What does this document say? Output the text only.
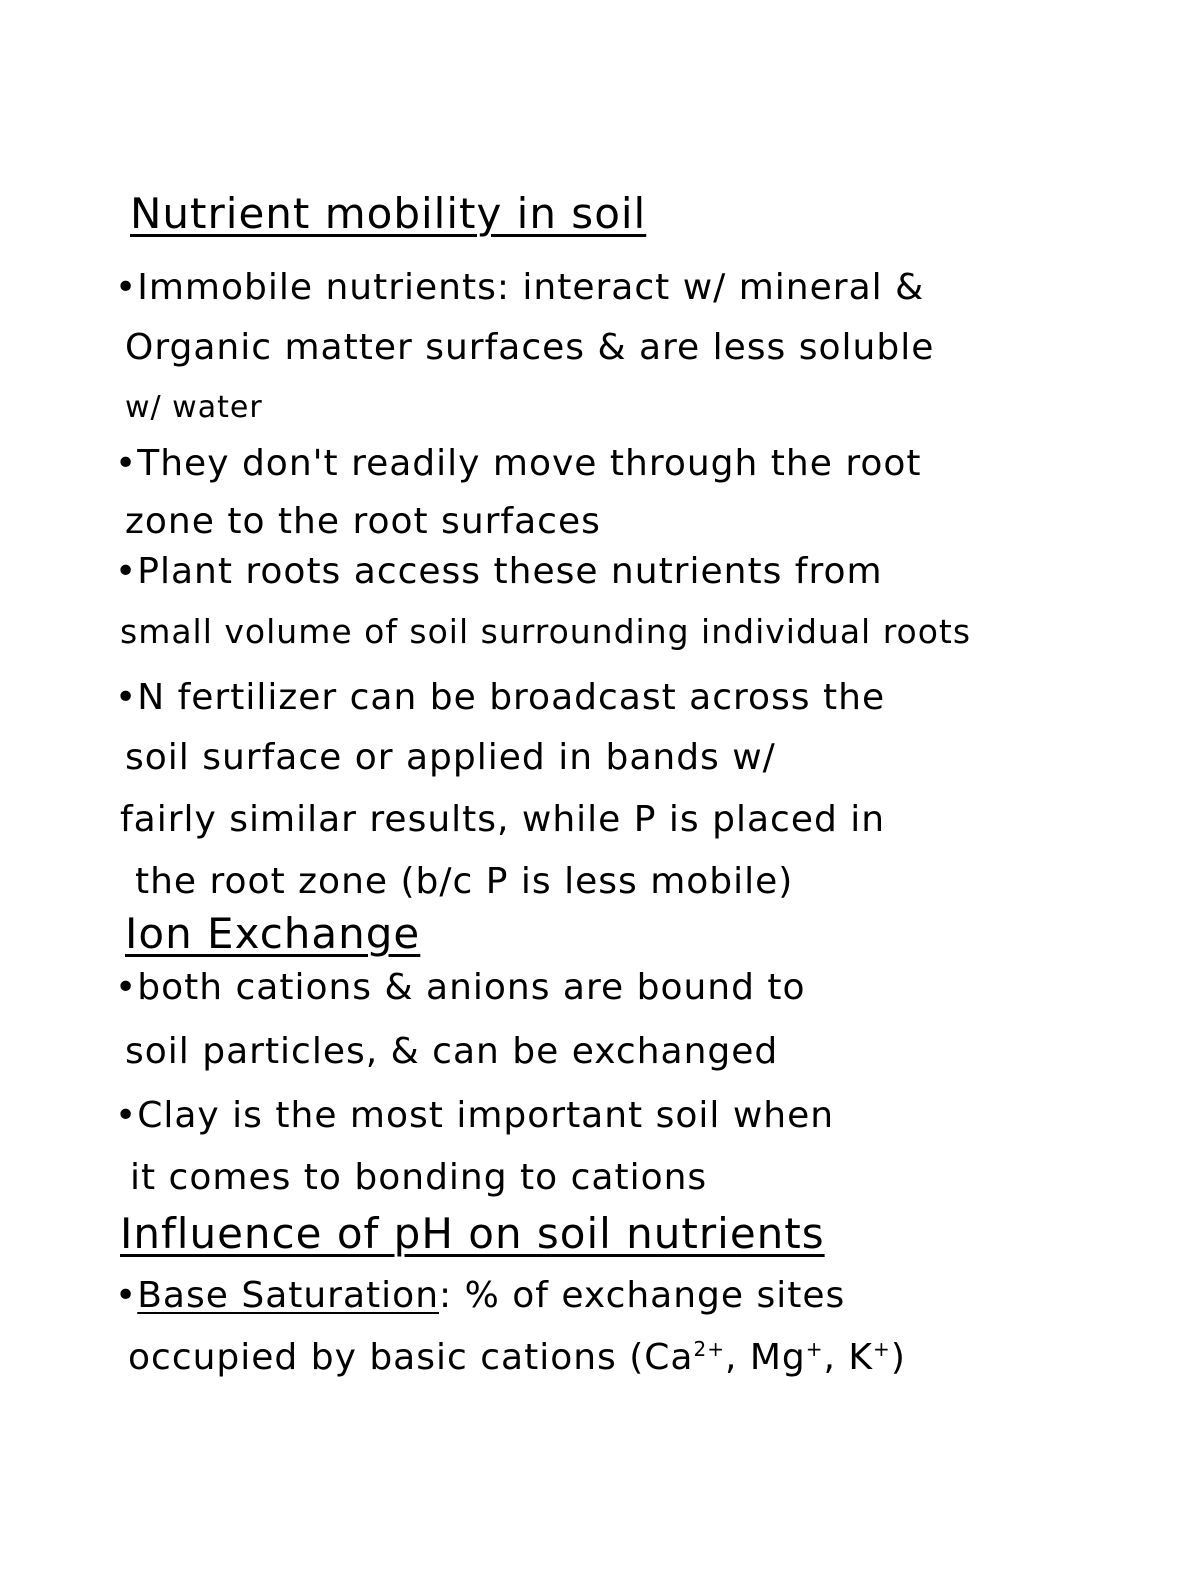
Nutrient mobility in soil
•Immobile nutrients: interact w/ mineral &
Organic matter surfaces & are less soluble
w/ water
•They don't readily move through the root
zone to the root surfaces
•Plant roots access these nutrients from
small volume of soil surrounding individual roots
•N fertilizer can be broadcast across the
soil surface or applied in bands w/
fairly similar results, while P is placed in
the root zone (b/c P is less mobile)
Ion Exchange
•both cations & anions are bound to
soil particles, & can be exchanged
•Clay is the most important soil when
it comes to bonding to cations
Influence of pH on soil nutrients
•Base Saturation: % of exchange sites
occupied by basic cations ($Ca^{2+}$, Mg+, K+)
